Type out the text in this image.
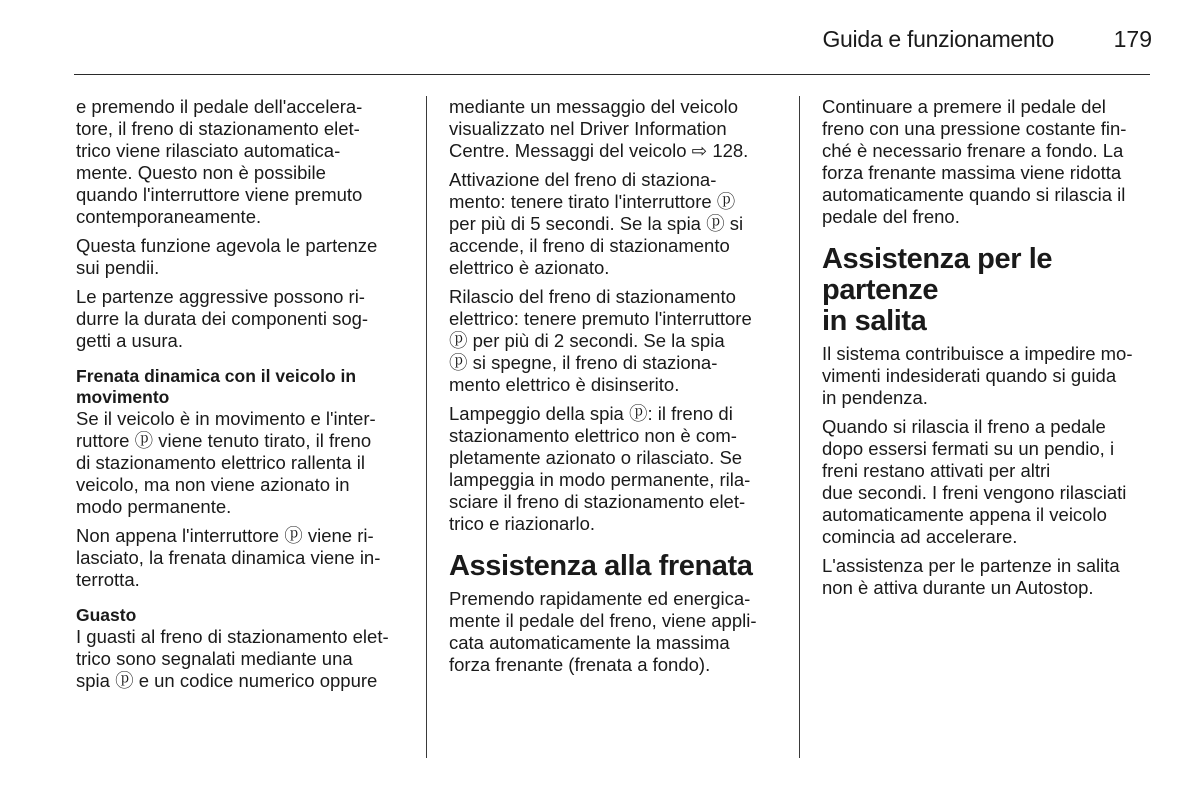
Guida e funzionamento	179

e premendo il pedale dell'accelera-
tore, il freno di stazionamento elet-
trico viene rilasciato automatica-
mente. Questo non è possibile
quando l'interruttore viene premuto
contemporaneamente.

Questa funzione agevola le partenze
sui pendii.

Le partenze aggressive possono ri-
durre la durata dei componenti sog-
getti a usura.

Frenata dinamica con il veicolo in
movimento

Se il veicolo è in movimento e l'inter-
ruttore ⓟ viene tenuto tirato, il freno
di stazionamento elettrico rallenta il
veicolo, ma non viene azionato in
modo permanente.

Non appena l'interruttore ⓟ viene ri-
lasciato, la frenata dinamica viene in-
terrotta.

Guasto

I guasti al freno di stazionamento elet-
trico sono segnalati mediante una
spia ⓟ e un codice numerico oppure

mediante un messaggio del veicolo
visualizzato nel Driver Information
Centre. Messaggi del veicolo ⇨ 128.

Attivazione del freno di staziona-
mento: tenere tirato l'interruttore ⓟ
per più di 5 secondi. Se la spia ⓟ si
accende, il freno di stazionamento
elettrico è azionato.

Rilascio del freno di stazionamento
elettrico: tenere premuto l'interruttore
ⓟ per più di 2 secondi. Se la spia
ⓟ si spegne, il freno di staziona-
mento elettrico è disinserito.

Lampeggio della spia ⓟ: il freno di
stazionamento elettrico non è com-
pletamente azionato o rilasciato. Se
lampeggia in modo permanente, rila-
sciare il freno di stazionamento elet-
trico e riazionarlo.

Assistenza alla frenata

Premendo rapidamente ed energica-
mente il pedale del freno, viene appli-
cata automaticamente la massima
forza frenante (frenata a fondo).

Continuare a premere il pedale del
freno con una pressione costante fin-
ché è necessario frenare a fondo. La
forza frenante massima viene ridotta
automaticamente quando si rilascia il
pedale del freno.

Assistenza per le partenze
in salita

Il sistema contribuisce a impedire mo-
vimenti indesiderati quando si guida
in pendenza.

Quando si rilascia il freno a pedale
dopo essersi fermati su un pendio, i
freni restano attivati per altri
due secondi. I freni vengono rilasciati
automaticamente appena il veicolo
comincia ad accelerare.

L'assistenza per le partenze in salita
non è attiva durante un Autostop.
